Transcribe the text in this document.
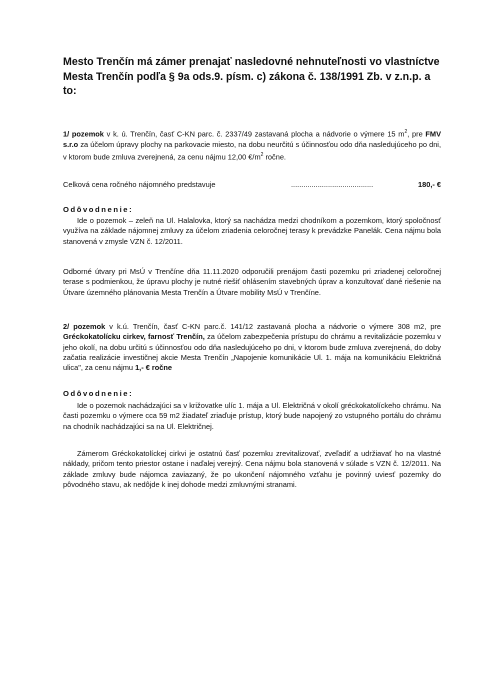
Mesto Trenčín má zámer prenajať nasledovné nehnuteľnosti vo vlastníctve Mesta Trenčín podľa § 9a ods.9. písm. c) zákona č. 138/1991 Zb. v z.n.p. a to:
1/ pozemok v k. ú. Trenčín, časť C-KN parc. č. 2337/49 zastavaná plocha a nádvorie o výmere 15 $m^2$, pre FMV s.r.o za účelom úpravy plochy na parkovacie miesto, na dobu neurčitú s účinnosťou odo dňa nasledujúceho po dni, v ktorom bude zmluva zverejnená, za cenu nájmu 12,00 $€/m^2$ ročne.
Celková cena ročného nájomného predstavuje	........................................	180,- €
Odôvodnenie:
Ide o pozemok – zeleň na Ul. Halalovka, ktorý sa nachádza medzi chodníkom a pozemkom, ktorý spoločnosť využíva na základe nájomnej zmluvy za účelom zriadenia celoročnej terasy k prevádzke Panelák. Cena nájmu bola stanovená v zmysle VZN č. 12/2011.
Odborné útvary pri MsÚ v Trenčíne dňa 11.11.2020 odporučili prenájom časti pozemku pri zriadenej celoročnej terase s podmienkou, že úpravu plochy je nutné riešiť ohlásením stavebných úprav a konzultovať dané riešenie na Útvare územného plánovania Mesta Trenčín a Útvare mobility MsÚ v Trenčíne.
2/ pozemok v k.ú. Trenčín, časť C-KN parc.č. 141/12 zastavaná plocha a nádvorie o výmere 308 m2, pre Gréckokatolícku cirkev, farnosť Trenčín, za účelom zabezpečenia prístupu do chrámu a revitalizácie pozemku v jeho okolí, na dobu určitú s účinnosťou odo dňa nasledujúceho po dni, v ktorom bude zmluva zverejnená, do doby začatia realizácie investičnej akcie Mesta Trenčín „Napojenie komunikácie Ul. 1. mája na komunikáciu Električná ulica", za cenu nájmu 1,- € ročne
Odôvodnenie:
Ide o pozemok nachádzajúci sa v križovatke ulíc 1. mája a Ul. Električná v okolí gréckokatolíckeho chrámu. Na časti pozemku o výmere cca 59 m2 žiadateľ zriaďuje prístup, ktorý bude napojený zo vstupného portálu do chrámu na chodník nachádzajúci sa na Ul. Električnej.
Zámerom Gréckokatolíckej cirkvi je ostatnú časť pozemku zrevitalizovať, zveľadiť a udržiavať ho na vlastné náklady, pričom tento priestor ostane i naďalej verejný. Cena nájmu bola stanovená v súlade s VZN č. 12/2011. Na základe zmluvy bude nájomca zaviazaný, že po ukončení nájomného vzťahu je povinný uviesť pozemky do pôvodného stavu, ak nedôjde k inej dohode medzi zmluvnými stranami.
